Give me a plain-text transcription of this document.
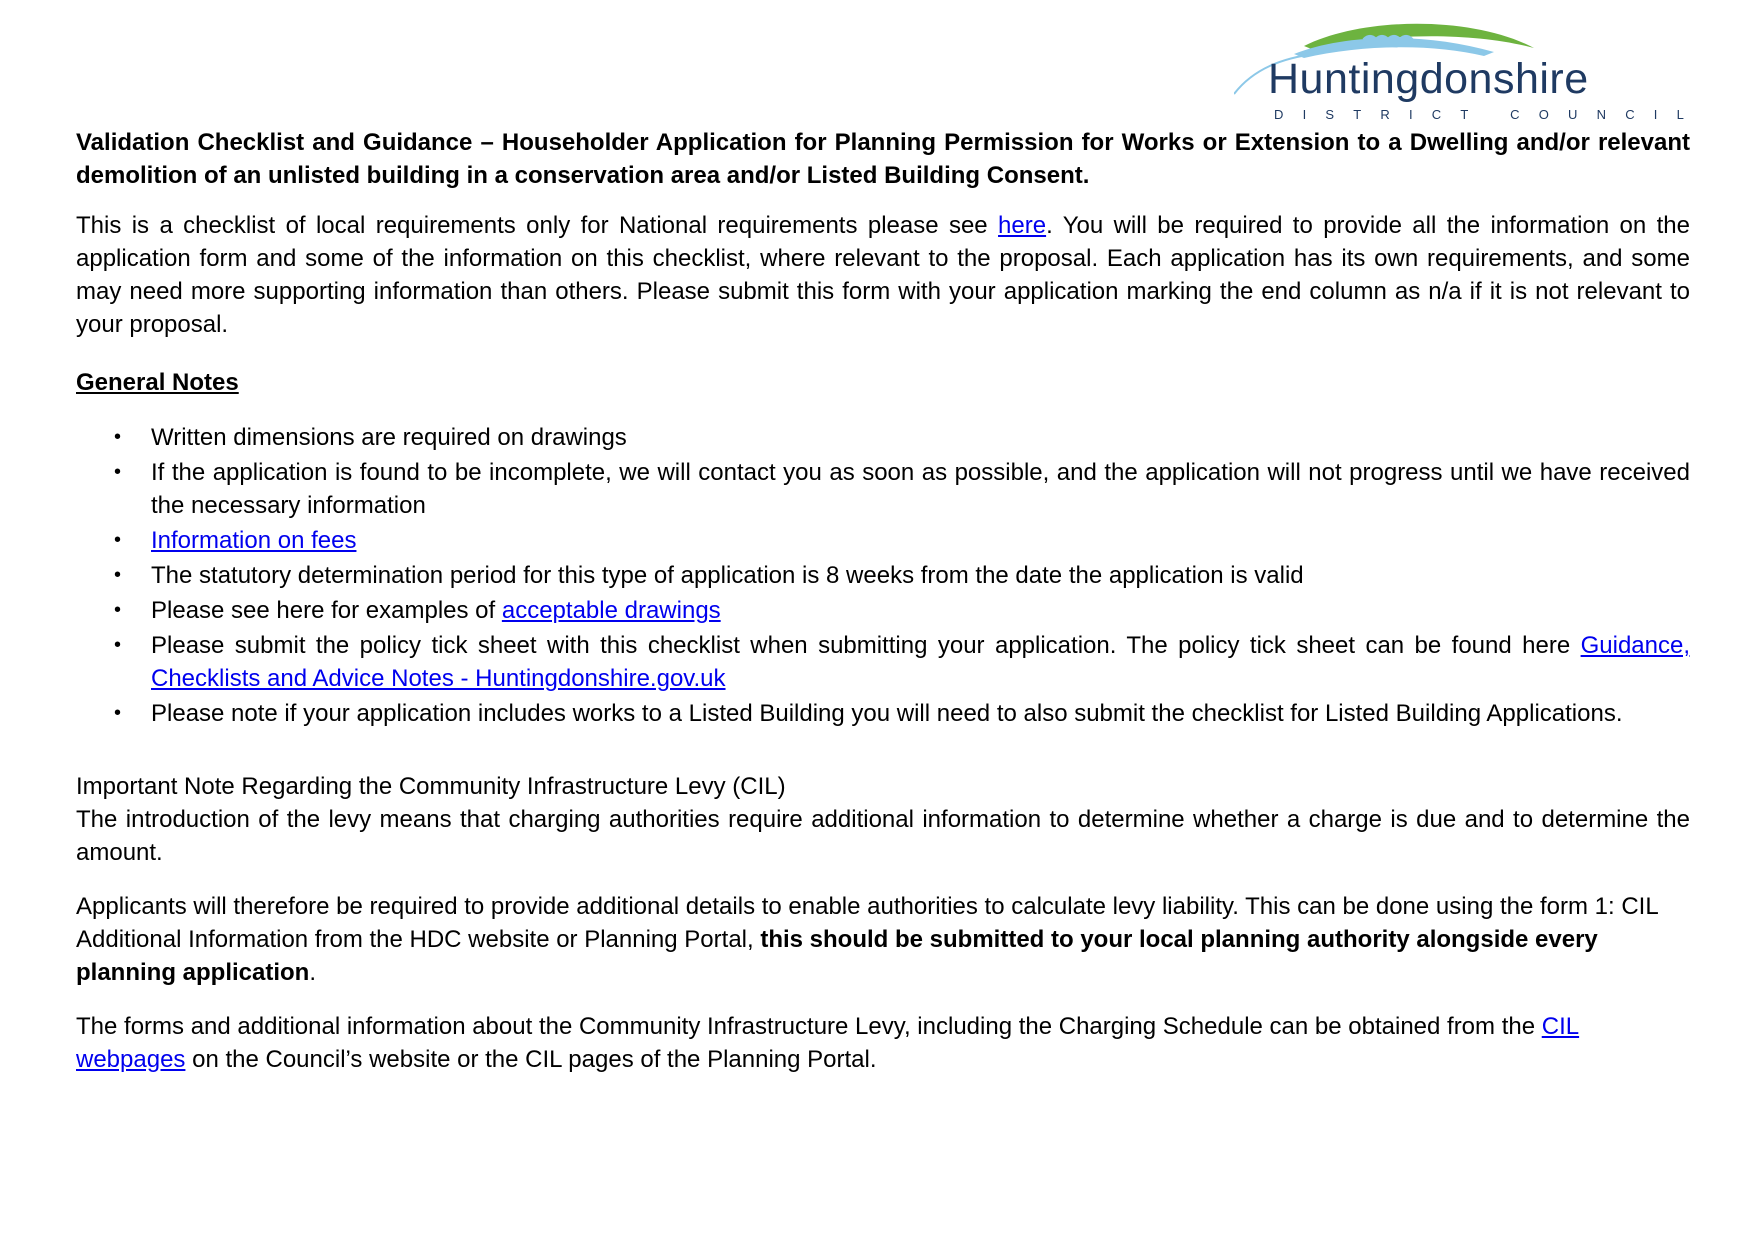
Huntingdonshire
DISTRICT COUNCIL

Validation Checklist and Guidance – Householder Application for Planning Permission for Works or Extension to a Dwelling and/or relevant demolition of an unlisted building in a conservation area and/or Listed Building Consent.

This is a checklist of local requirements only for National requirements please see here. You will be required to provide all the information on the application form and some of the information on this checklist, where relevant to the proposal. Each application has its own requirements, and some may need more supporting information than others. Please submit this form with your application marking the end column as n/a if it is not relevant to your proposal.

General Notes

• Written dimensions are required on drawings
• If the application is found to be incomplete, we will contact you as soon as possible, and the application will not progress until we have received the necessary information
• Information on fees
• The statutory determination period for this type of application is 8 weeks from the date the application is valid
• Please see here for examples of acceptable drawings
• Please submit the policy tick sheet with this checklist when submitting your application. The policy tick sheet can be found here Guidance, Checklists and Advice Notes - Huntingdonshire.gov.uk
• Please note if your application includes works to a Listed Building you will need to also submit the checklist for Listed Building Applications.

Important Note Regarding the Community Infrastructure Levy (CIL)

The introduction of the levy means that charging authorities require additional information to determine whether a charge is due and to determine the amount.

Applicants will therefore be required to provide additional details to enable authorities to calculate levy liability. This can be done using the form 1: CIL Additional Information from the HDC website or Planning Portal, this should be submitted to your local planning authority alongside every planning application.

The forms and additional information about the Community Infrastructure Levy, including the Charging Schedule can be obtained from the CIL webpages on the Council’s website or the CIL pages of the Planning Portal.
